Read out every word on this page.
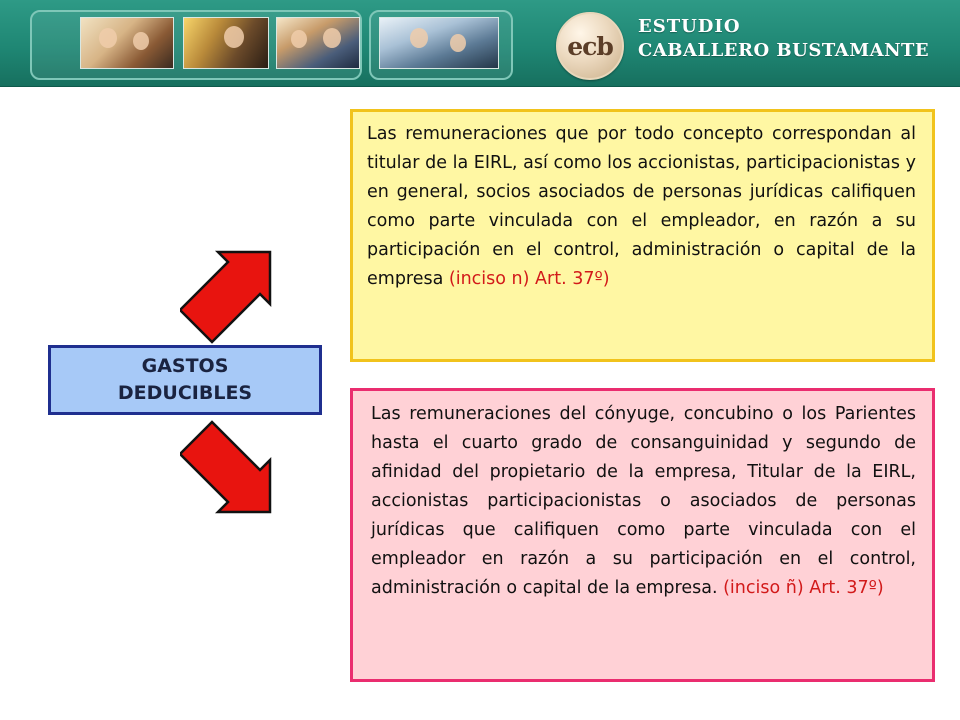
ecb
ESTUDIO
CABALLERO BUSTAMANTE
GASTOS
DEDUCIBLES
Las remuneraciones que por todo concepto correspondan al titular de la EIRL, así como los accionistas, participacionistas y en general, socios asociados de personas jurídicas califiquen como parte vinculada con el empleador, en razón a su participación en el control, administración o capital de la empresa (inciso n) Art. 37º)
Las remuneraciones del cónyuge, concubino o los Parientes hasta el cuarto grado de consanguinidad y segundo de afinidad del propietario de la empresa, Titular de la EIRL, accionistas participacionistas o asociados de personas jurídicas que califiquen como parte vinculada con el empleador en razón a su participación en el control, administración o capital de la empresa. (inciso ñ) Art. 37º)
